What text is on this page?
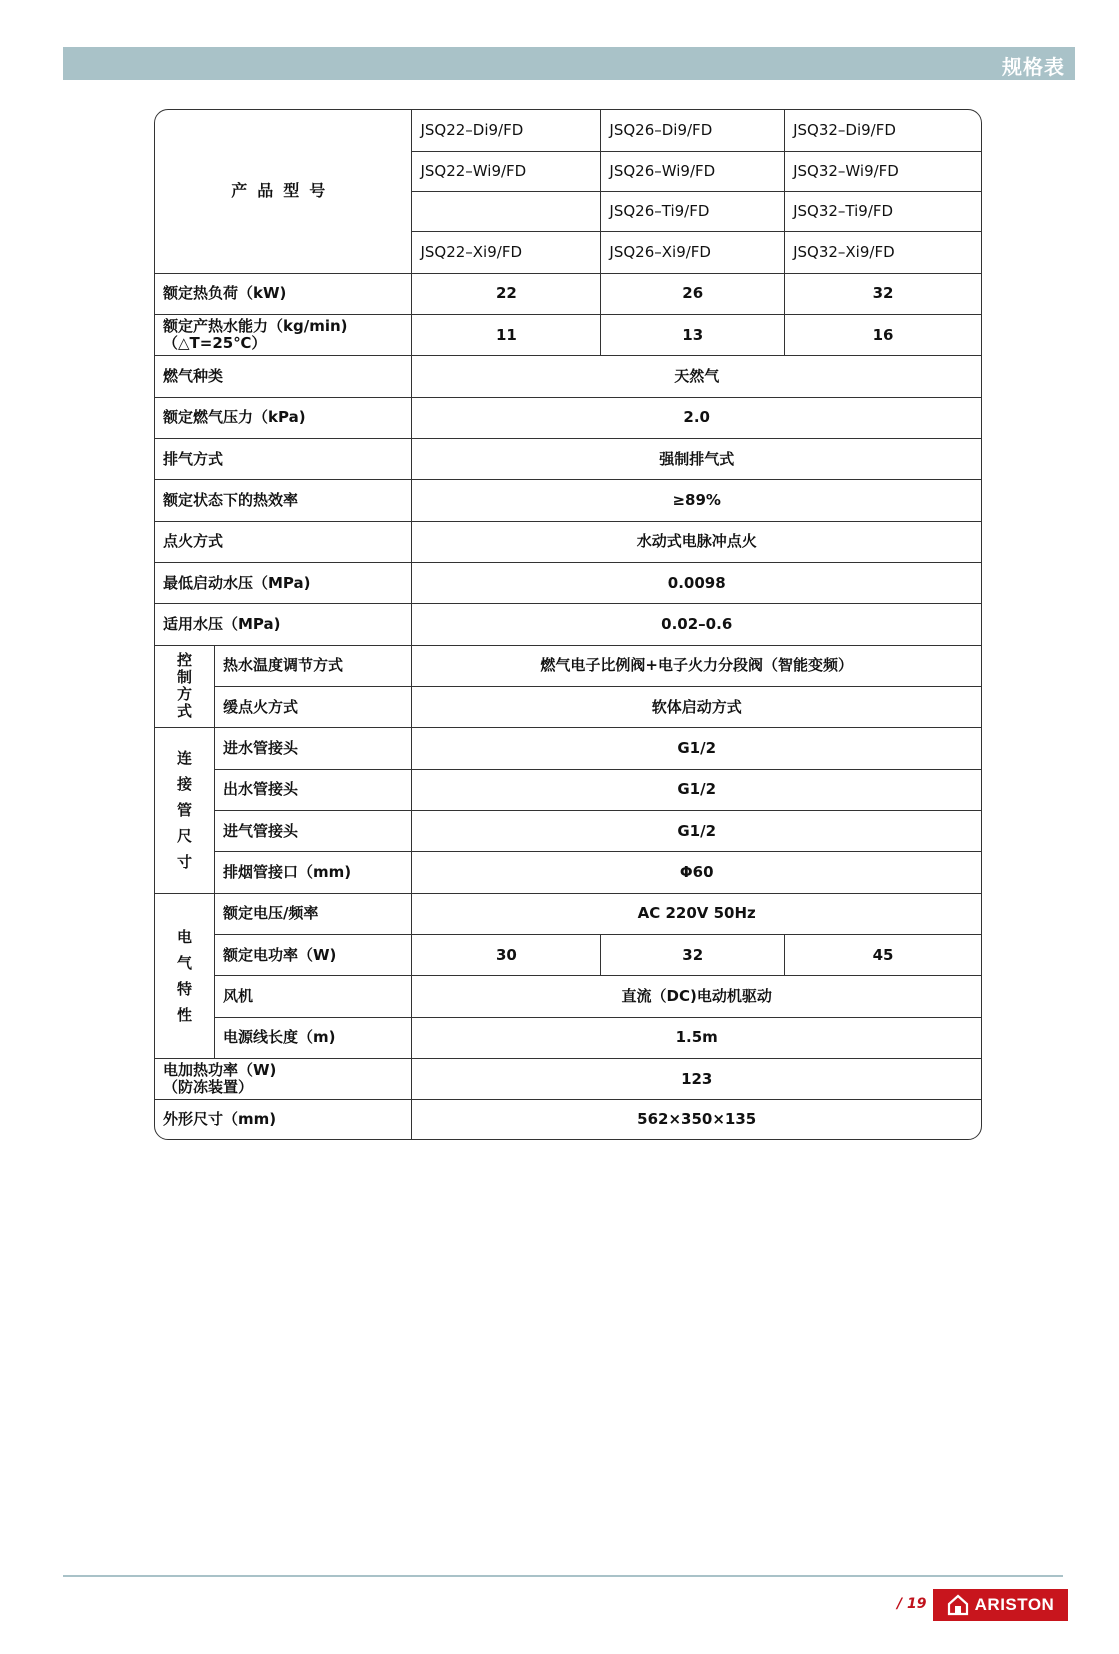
规格表
产品型号		JSQ22–Di9/FD	JSQ26–Di9/FD	JSQ32–Di9/FD
		JSQ22–Wi9/FD	JSQ26–Wi9/FD	JSQ32–Wi9/FD
			JSQ26–Ti9/FD	JSQ32–Ti9/FD
		JSQ22–Xi9/FD	JSQ26–Xi9/FD	JSQ32–Xi9/FD
额定热负荷（kW)		22	26	32

额定产热水能力（kg/min)
（△T=25℃）		11	13	16
燃气种类		天然气		
额定燃气压力（kPa)		2.0		
排气方式		强制排气式		
额定状态下的热效率		≥89%		
点火方式		水动式电脉冲点火		
最低启动水压（MPa)		0.0098		
适用水压（MPa)		0.02–0.6		
控制方式	热水温度调节方式	燃气电子比例阀+电子火力分段阀（智能变频）		
	缓点火方式	软体启动方式		
连接管尺寸	进水管接头	G1/2		
	出水管接头	G1/2		
	进气管接头	G1/2		
	排烟管接口（mm)	Φ60		
电气特性	额定电压/频率	AC 220V 50Hz		
	额定电功率（W)	30	32	45
	风机	直流（DC)电动机驱动		
	电源线长度（m)	1.5m		

电加热功率（W)
（防冻装置）		123		
外形尺寸（mm)		562×350×135		
/ 19	ARISTON
